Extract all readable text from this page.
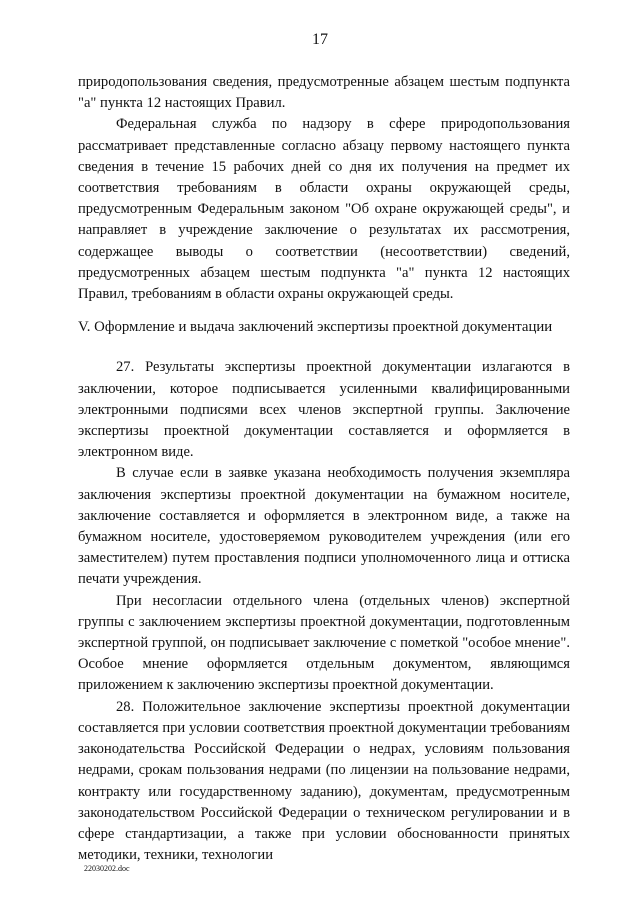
17

природопользования сведения, предусмотренные абзацем шестым подпункта "а" пункта 12 настоящих Правил.

Федеральная служба по надзору в сфере природопользования рассматривает представленные согласно абзацу первому настоящего пункта сведения в течение 15 рабочих дней со дня их получения на предмет их соответствия требованиям в области охраны окружающей среды, предусмотренным Федеральным законом "Об охране окружающей среды", и направляет в учреждение заключение о результатах их рассмотрения, содержащее выводы о соответствии (несоответствии) сведений, предусмотренных абзацем шестым подпункта "а" пункта 12 настоящих Правил, требованиям в области охраны окружающей среды.

V. Оформление и выдача заключений экспертизы проектной документации

27. Результаты экспертизы проектной документации излагаются в заключении, которое подписывается усиленными квалифицированными электронными подписями всех членов экспертной группы. Заключение экспертизы проектной документации составляется и оформляется в электронном виде.

В случае если в заявке указана необходимость получения экземпляра заключения экспертизы проектной документации на бумажном носителе, заключение составляется и оформляется в электронном виде, а также на бумажном носителе, удостоверяемом руководителем учреждения (или его заместителем) путем проставления подписи уполномоченного лица и оттиска печати учреждения.

При несогласии отдельного члена (отдельных членов) экспертной группы с заключением экспертизы проектной документации, подготовленным экспертной группой, он подписывает заключение с пометкой "особое мнение". Особое мнение оформляется отдельным документом, являющимся приложением к заключению экспертизы проектной документации.

28. Положительное заключение экспертизы проектной документации составляется при условии соответствия проектной документации требованиям законодательства Российской Федерации о недрах, условиям пользования недрами, срокам пользования недрами (по лицензии на пользование недрами, контракту или государственному заданию), документам, предусмотренным законодательством Российской Федерации о техническом регулировании и в сфере стандартизации, а также при условии обоснованности принятых методики, техники, технологии

22030202.doc
